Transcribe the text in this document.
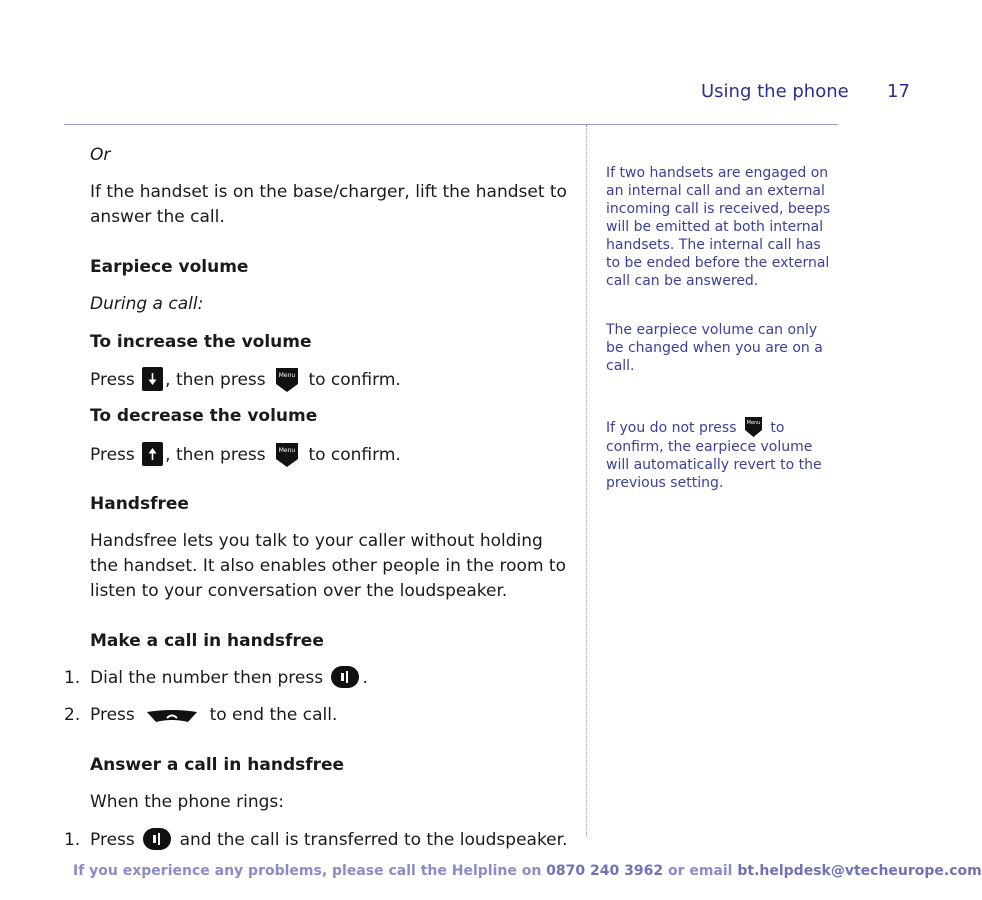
Using the phone 17
Or
If the handset is on the base/charger, lift the handset to answer the call.
Earpiece volume
During a call:
To increase the volume
Press , then press Menu to confirm.
To decrease the volume
Press , then press Menu to confirm.
Handsfree
Handsfree lets you talk to your caller without holding the handset. It also enables other people in the room to listen to your conversation over the loudspeaker.
Make a call in handsfree
1. Dial the number then press .
2. Press	to end the call.
Answer a call in handsfree
When the phone rings:
1. Press	and the call is transferred to the loudspeaker.
If two handsets are engaged on an internal call and an external incoming call is received, beeps will be emitted at both internal handsets. The internal call has to be ended before the external call can be answered.
The earpiece volume can only be changed when you are on a call.
If you do not press Menu to confirm, the earpiece volume will automatically revert to the previous setting.
If you experience any problems, please call the Helpline on 0870 240 3962 or email bt.helpdesk@vtecheurope.com
